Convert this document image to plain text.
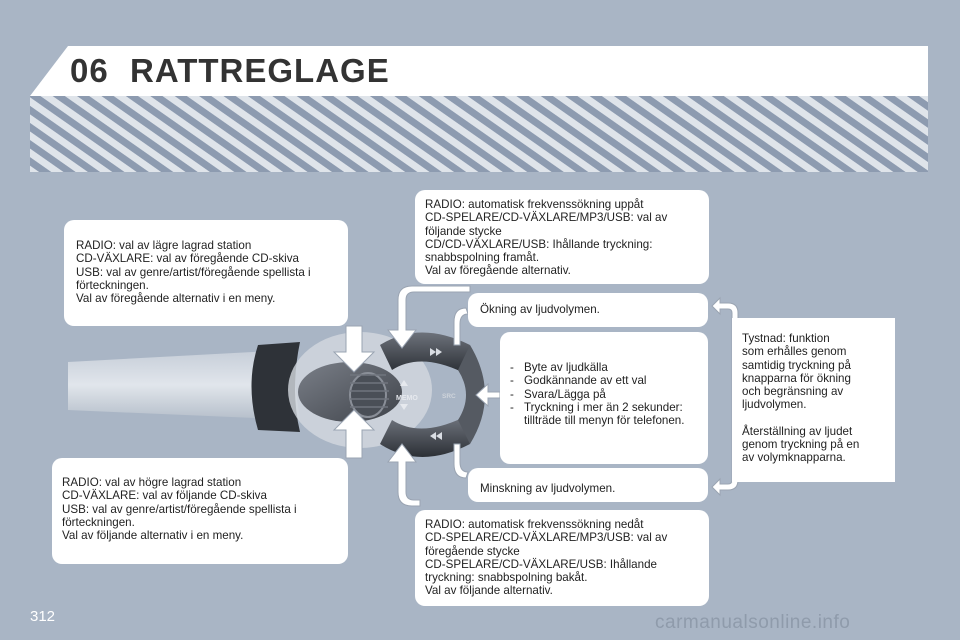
06 RATTREGLAGE
MEMO	SRC
RADIO: automatisk frekvenssökning uppåt
CD-SPELARE/CD-VÄXLARE/MP3/USB: val av
följande stycke
CD/CD-VÄXLARE/USB: Ihållande tryckning:
snabbspolning framåt.
Val av föregående alternativ.
RADIO: val av lägre lagrad station
CD-VÄXLARE: val av föregående CD-skiva
USB: val av genre/artist/föregående spellista i
förteckningen.
Val av föregående alternativ i en meny.
Ökning av ljudvolymen.
- Byte av ljudkälla
- Godkännande av ett val
- Svara/Lägga på
- Tryckning i mer än 2 sekunder:
tillträde till menyn för telefonen.

Tystnad: funktion
som erhålles genom
samtidig tryckning på
knapparna för ökning
och begränsning av
ljudvolymen.

Återställning av ljudet
genom tryckning på en
av volymknapparna.

RADIO: val av högre lagrad station
CD-VÄXLARE: val av följande CD-skiva
USB: val av genre/artist/föregående spellista i
förteckningen.
Val av följande alternativ i en meny.
Minskning av ljudvolymen.
RADIO: automatisk frekvenssökning nedåt
CD-SPELARE/CD-VÄXLARE/MP3/USB: val av
föregående stycke
CD-SPELARE/CD-VÄXLARE/USB: Ihållande
tryckning: snabbspolning bakåt.
Val av följande alternativ.
312	carmanualsonline.info
